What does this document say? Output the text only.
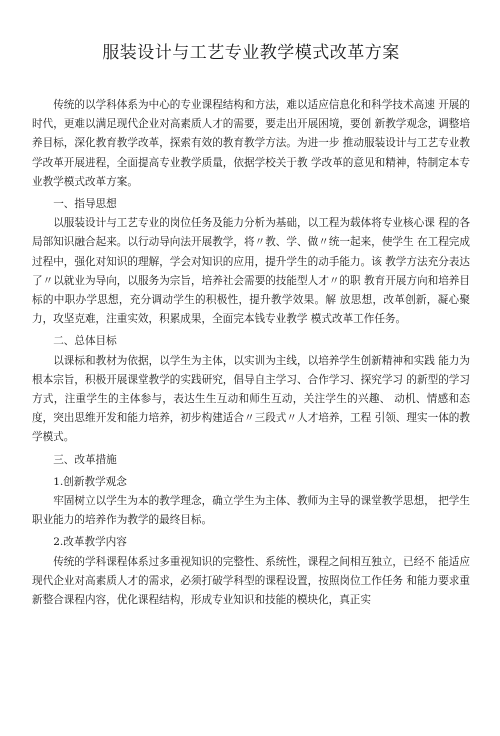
服装设计与工艺专业教学模式改革方案

传统的以学科体系为中心的专业课程结构和方法，难以适应信息化和科学技术高速 开展的时代，更难以满足现代企业对高素质人才的需要，要走出开展困境，要创 新教学观念，调整培养目标，深化教育教学改革，探索有效的教育教学方法。为进一步 推动服装设计与工艺专业教学改革开展进程，全面提高专业教学质量，依据学校关于教 学改革的意见和精神，特制定本专业教学模式改革方案。

一、指导思想

以服装设计与工艺专业的岗位任务及能力分析为基础，以工程为载体将专业核心课 程的各局部知识融合起来。以行动导向法开展教学，将〃教、学、做〃统一起来，使学生 在工程完成过程中，强化对知识的理解，学会对知识的应用，提升学生的动手能力。该 教学方法充分表达了〃以就业为导向，以服务为宗旨，培养社会需要的技能型人才〃的职 教育开展方向和培养目标的中职办学思想，充分调动学生的积极性，提升教学效果。解 放思想，改革创新，凝心聚力，攻坚克难，注重实效，积累成果，全面完本钱专业教学 模式改革工作任务。

二、总体目标

以课标和教材为依据，以学生为主体，以实训为主线，以培养学生创新精神和实践 能力为根本宗旨，积极开展课堂教学的实践研究，倡导自主学习、合作学习、探究学习 的新型的学习方式，注重学生的主体参与，表达生生互动和师生互动，关注学生的兴趣、 动机、情感和态度，突出思维开发和能力培养，初步构建适合〃三段式〃人才培养，工程 引领、理实一体的教学模式。

三、改革措施

1.创新教学观念

牢固树立以学生为本的教学理念，确立学生为主体、教师为主导的课堂教学思想， 把学生职业能力的培养作为教学的最终目标。

2.改革教学内容

传统的学科课程体系过多重视知识的完整性、系统性，课程之间相互独立，已经不 能适应现代企业对高素质人才的需求，必须打破学科型的课程设置，按照岗位工作任务 和能力要求重新整合课程内容，优化课程结构，形成专业知识和技能的模块化，真正实
